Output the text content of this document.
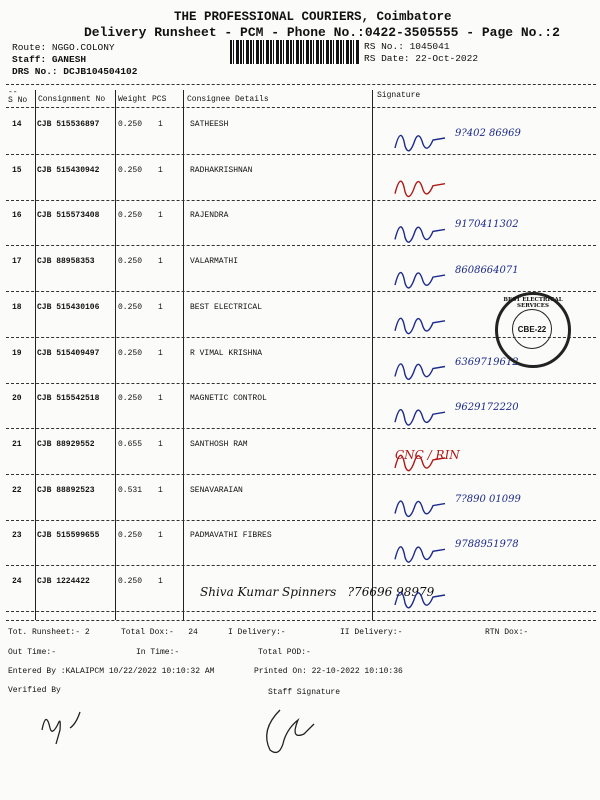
THE PROFESSIONAL COURIERS, Coimbatore
Delivery Runsheet - PCM - Phone No.:0422-3505555 - Page No.:2
Route: NGGO.COLONY
Staff: GANESH
DRS No.: DCJB104504102
RS No.: 1045041
RS Date: 22-Oct-2022
--
S No Consignment No Weight PCS	Consignee Details	Signature
14 CJB 515536897 0.250 1	SATHEESH
9?402 86969
15 CJB 515430942 0.250 1	RADHAKRISHNAN
16 CJB 515573408 0.250 1	RAJENDRA
9170411302
17 CJB 88958353	0.250 1	VALARMATHI
8608664071
18 CJB 515430106 0.250 1	BEST ELECTRICAL
19 CJB 515409497 0.250 1	R VIMAL KRISHNA
6369719612
20 CJB 515542518 0.250 1	MAGNETIC CONTROL
9629172220
21 CJB 88929552	0.655 1	SANTHOSH RAM
CNC / RIN
22 CJB 88892523	0.531 1	SENAVARAIAN
7?890 01099
23 CJB 515599655 0.250 1	PADMAVATHI FIBRES
9788951978
24 CJB 1224422	0.250 1
Shiva Kumar Spinners   ?76696 98979
BEST ELECTRICAL SERVICES
CBE-22
Tot. Runsheet:- 2	Total Dox:-   24	I Delivery:-	II Delivery:-	RTN Dox:-
Out Time:-	In Time:-	Total POD:-
Entered By :KALAIPCM 10/22/2022 10:10:32 AM	Printed On: 22-10-2022 10:10:36
Verified By	Staff Signature
